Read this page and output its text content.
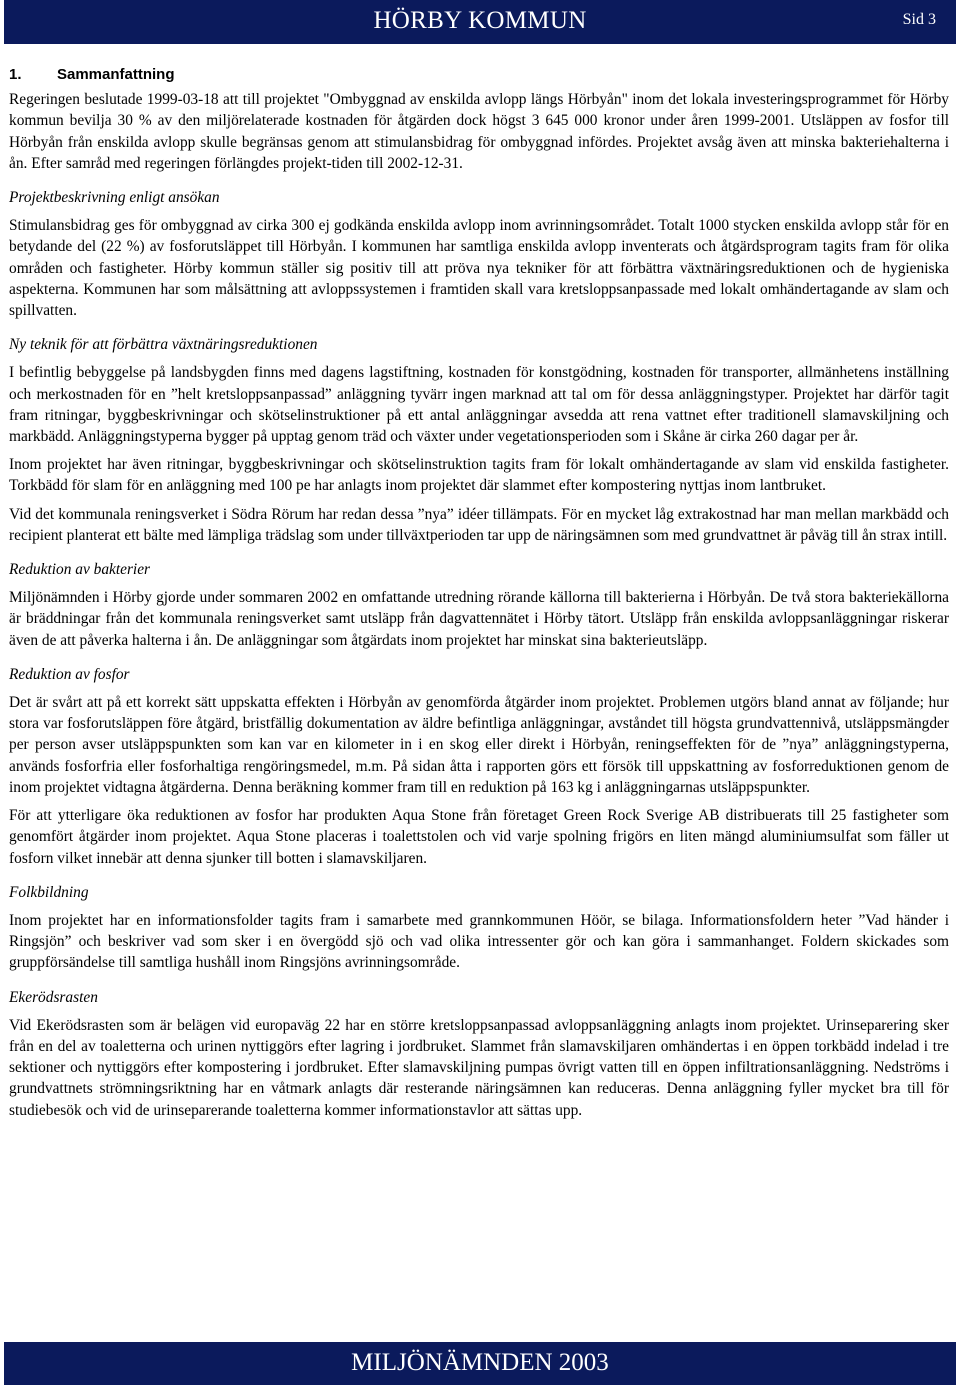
HÖRBY KOMMUN	Sid 3
1. Sammanfattning

Regeringen beslutade 1999-03-18 att till projektet "Ombyggnad av enskilda avlopp längs Hörbyån" inom det lokala investeringsprogrammet för Hörby kommun bevilja 30 % av den miljörelaterade kostnaden för åtgärden dock högst 3 645 000 kronor under åren 1999-2001. Utsläppen av fosfor till Hörbyån från enskilda avlopp skulle begränsas genom att stimulansbidrag för ombyggnad infördes. Projektet avsåg även att minska bakteriehalterna i ån. Efter samråd med regeringen förlängdes projekt-tiden till 2002-12-31.

Projektbeskrivning enligt ansökan

Stimulansbidrag ges för ombyggnad av cirka 300 ej godkända enskilda avlopp inom avrinningsområdet. Totalt 1000 stycken enskilda avlopp står för en betydande del (22 %) av fosforutsläppet till Hörbyån. I kommunen har samtliga enskilda avlopp inventerats och åtgärdsprogram tagits fram för olika områden och fastigheter. Hörby kommun ställer sig positiv till att pröva nya tekniker för att förbättra växtnäringsreduktionen och de hygieniska aspekterna. Kommunen har som målsättning att avloppssystemen i framtiden skall vara kretsloppsanpassade med lokalt omhändertagande av slam och spillvatten.

Ny teknik för att förbättra växtnäringsreduktionen

I befintlig bebyggelse på landsbygden finns med dagens lagstiftning, kostnaden för konstgödning, kostnaden för transporter, allmänhetens inställning och merkostnaden för en ”helt kretsloppsanpassad” anläggning tyvärr ingen marknad att tal om för dessa anläggningstyper. Projektet har därför tagit fram ritningar, byggbeskrivningar och skötselinstruktioner på ett antal anläggningar avsedda att rena vattnet efter traditionell slamavskiljning och markbädd. Anläggningstyperna bygger på upptag genom träd och växter under vegetationsperioden som i Skåne är cirka 260 dagar per år.

Inom projektet har även ritningar, byggbeskrivningar och skötselinstruktion tagits fram för lokalt omhändertagande av slam vid enskilda fastigheter. Torkbädd för slam för en anläggning med 100 pe har anlagts inom projektet där slammet efter kompostering nyttjas inom lantbruket.

Vid det kommunala reningsverket i Södra Rörum har redan dessa ”nya” idéer tillämpats. För en mycket låg extrakostnad har man mellan markbädd och recipient planterat ett bälte med lämpliga trädslag som under tillväxtperioden tar upp de näringsämnen som med grundvattnet är påväg till ån strax intill.

Reduktion av bakterier

Miljönämnden i Hörby gjorde under sommaren 2002 en omfattande utredning rörande källorna till bakterierna i Hörbyån. De två stora bakteriekällorna är bräddningar från det kommunala reningsverket samt utsläpp från dagvattennätet i Hörby tätort. Utsläpp från enskilda avloppsanläggningar riskerar även de att påverka halterna i ån. De anläggningar som åtgärdats inom projektet har minskat sina bakterieutsläpp.

Reduktion av fosfor

Det är svårt att på ett korrekt sätt uppskatta effekten i Hörbyån av genomförda åtgärder inom projektet. Problemen utgörs bland annat av följande; hur stora var fosforutsläppen före åtgärd, bristfällig dokumentation av äldre befintliga anläggningar, avståndet till högsta grundvattennivå, utsläppsmängder per person avser utsläppspunkten som kan var en kilometer in i en skog eller direkt i Hörbyån, reningseffekten för de ”nya” anläggningstyperna, används fosforfria eller fosforhaltiga rengöringsmedel, m.m. På sidan åtta i rapporten görs ett försök till uppskattning av fosforreduktionen genom de inom projektet vidtagna åtgärderna. Denna beräkning kommer fram till en reduktion på 163 kg i anläggningarnas utsläppspunkter.

För att ytterligare öka reduktionen av fosfor har produkten Aqua Stone från företaget Green Rock Sverige AB distribuerats till 25 fastigheter som genomfört åtgärder inom projektet. Aqua Stone placeras i toalettstolen och vid varje spolning frigörs en liten mängd aluminiumsulfat som fäller ut fosforn vilket innebär att denna sjunker till botten i slamavskiljaren.

Folkbildning

Inom projektet har en informationsfolder tagits fram i samarbete med grannkommunen Höör, se bilaga. Informationsfoldern heter ”Vad händer i Ringsjön” och beskriver vad som sker i en övergödd sjö och vad olika intressenter gör och kan göra i sammanhanget. Foldern skickades som gruppförsändelse till samtliga hushåll inom Ringsjöns avrinningsområde.

Ekerödsrasten

Vid Ekerödsrasten som är belägen vid europaväg 22 har en större kretsloppsanpassad avloppsanläggning anlagts inom projektet. Urinseparering sker från en del av toaletterna och urinen nyttiggörs efter lagring i jordbruket. Slammet från slamavskiljaren omhändertas i en öppen torkbädd indelad i tre sektioner och nyttiggörs efter kompostering i jordbruket. Efter slamavskiljning pumpas övrigt vatten till en öppen infiltrationsanläggning. Nedströms i grundvattnets strömningsriktning har en våtmark anlagts där resterande näringsämnen kan reduceras. Denna anläggning fyller mycket bra till för studiebesök och vid de urinseparerande toaletterna kommer informationstavlor att sättas upp.

MILJÖNÄMNDEN 2003
